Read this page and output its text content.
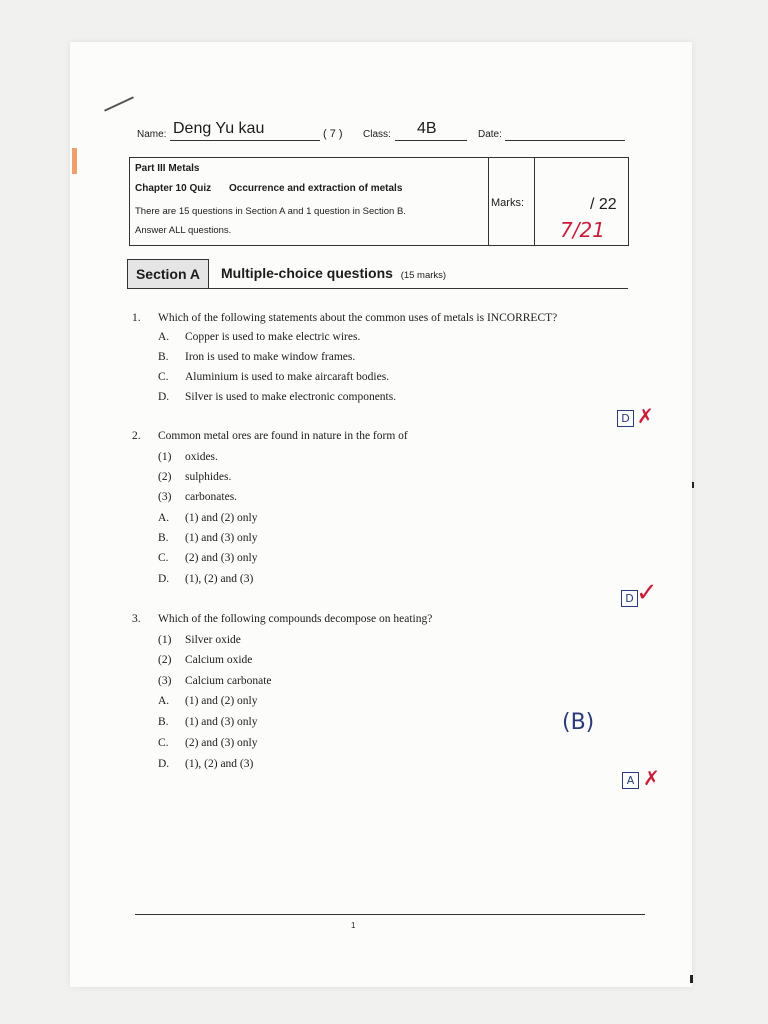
Name: Deng Yu kau	( 7 ) Class: 4B	Date:
Part III Metals
Chapter 10 Quiz Occurrence and extraction of metals
There are 15 questions in Section A and 1 question in Section B.
Answer ALL questions.
Marks:	/ 22
7/21
Section A	Multiple-choice questions (15 marks)
1. Which of the following statements about the common uses of metals is INCORRECT?
A. Copper is used to make electric wires.
B. Iron is used to make window frames.
C. Aluminium is used to make aircaraft bodies.
D. Silver is used to make electronic components.
D ✗
2. Common metal ores are found in nature in the form of
(1) oxides.
(2) sulphides.
(3) carbonates.
A. (1) and (2) only
B. (1) and (3) only
C. (2) and (3) only
D. (1), (2) and (3)
D ✓
3. Which of the following compounds decompose on heating?
(1) Silver oxide
(2) Calcium oxide
(3) Calcium carbonate
A. (1) and (2) only
B. (1) and (3) only
C. (2) and (3) only
D. (1), (2) and (3)
(B)
A ✗
1
